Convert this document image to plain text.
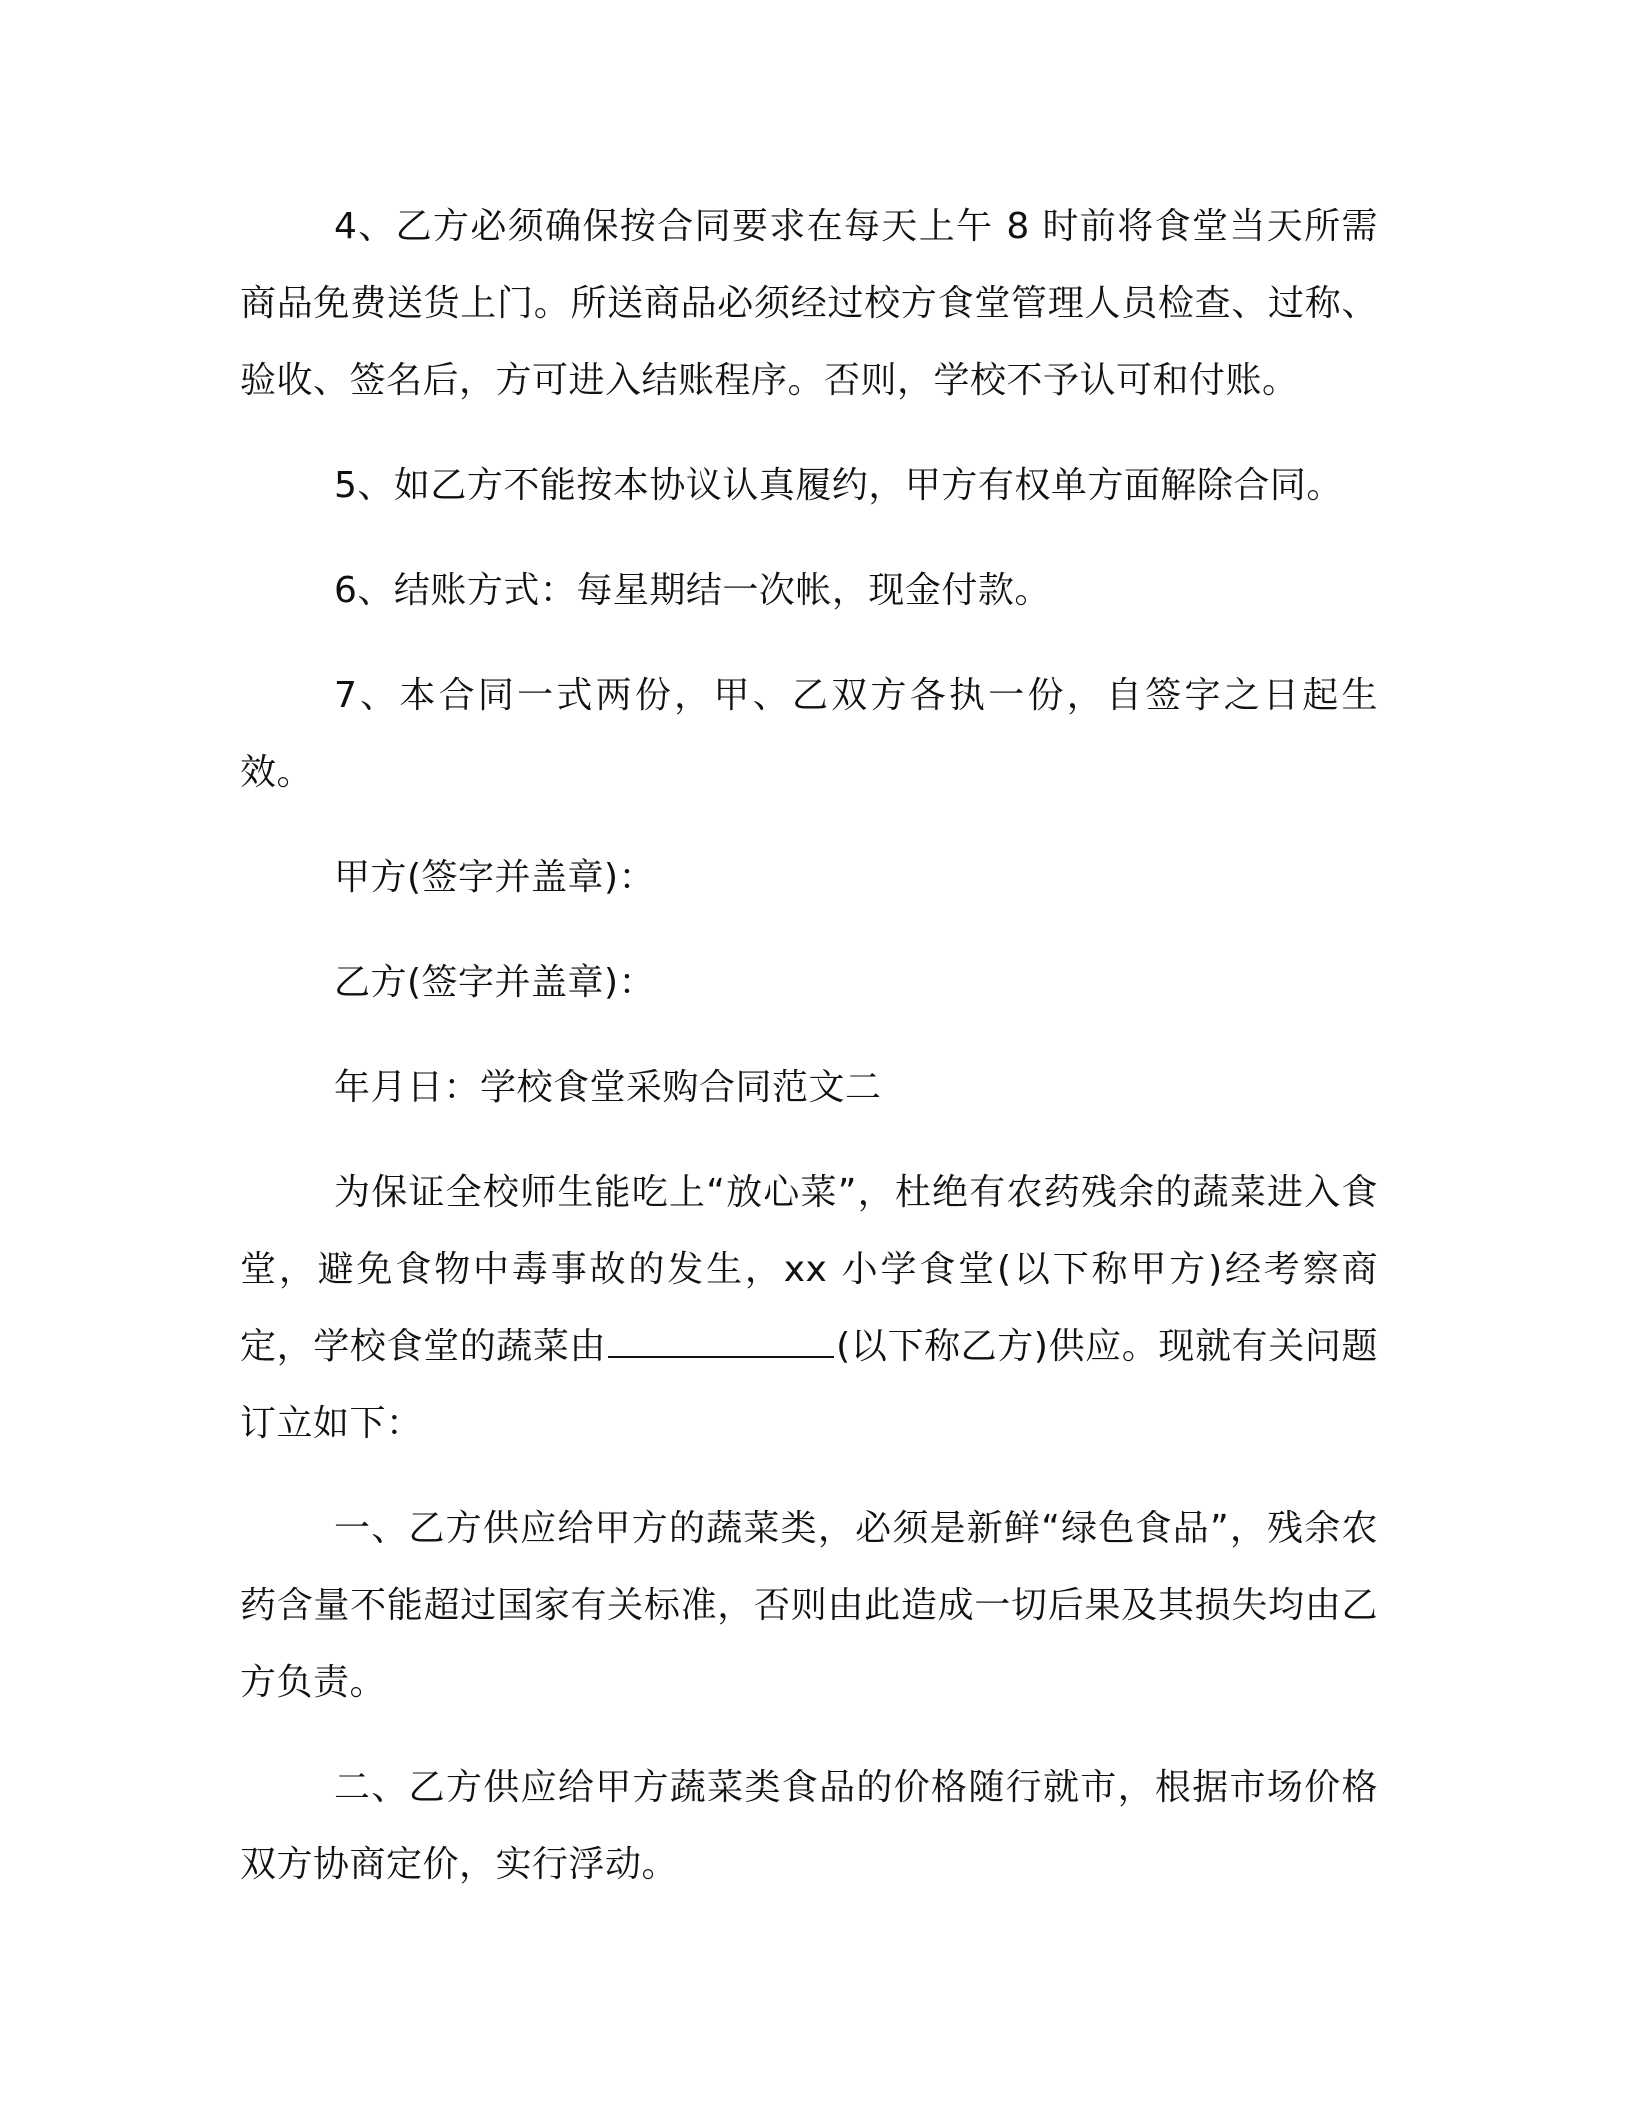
4、乙方必须确保按合同要求在每天上午 8 时前将食堂当天所需商品免费送货上门。所送商品必须经过校方食堂管理人员检查、过称、验收、签名后，方可进入结账程序。否则，学校不予认可和付账。

5、如乙方不能按本协议认真履约，甲方有权单方面解除合同。

6、结账方式：每星期结一次帐，现金付款。

7、本合同一式两份，甲、乙双方各执一份，自签字之日起生效。

甲方(签字并盖章)：
乙方(签字并盖章)：
年月日：学校食堂采购合同范文二

为保证全校师生能吃上“放心菜”，杜绝有农药残余的蔬菜进入食堂，避免食物中毒事故的发生，xx 小学食堂(以下称甲方)经考察商定，学校食堂的蔬菜由	(以下称乙方)供应。现就有关问题订立如下：

一、乙方供应给甲方的蔬菜类，必须是新鲜“绿色食品”，残余农药含量不能超过国家有关标准，否则由此造成一切后果及其损失均由乙方负责。

二、乙方供应给甲方蔬菜类食品的价格随行就市，根据市场价格双方协商定价，实行浮动。
